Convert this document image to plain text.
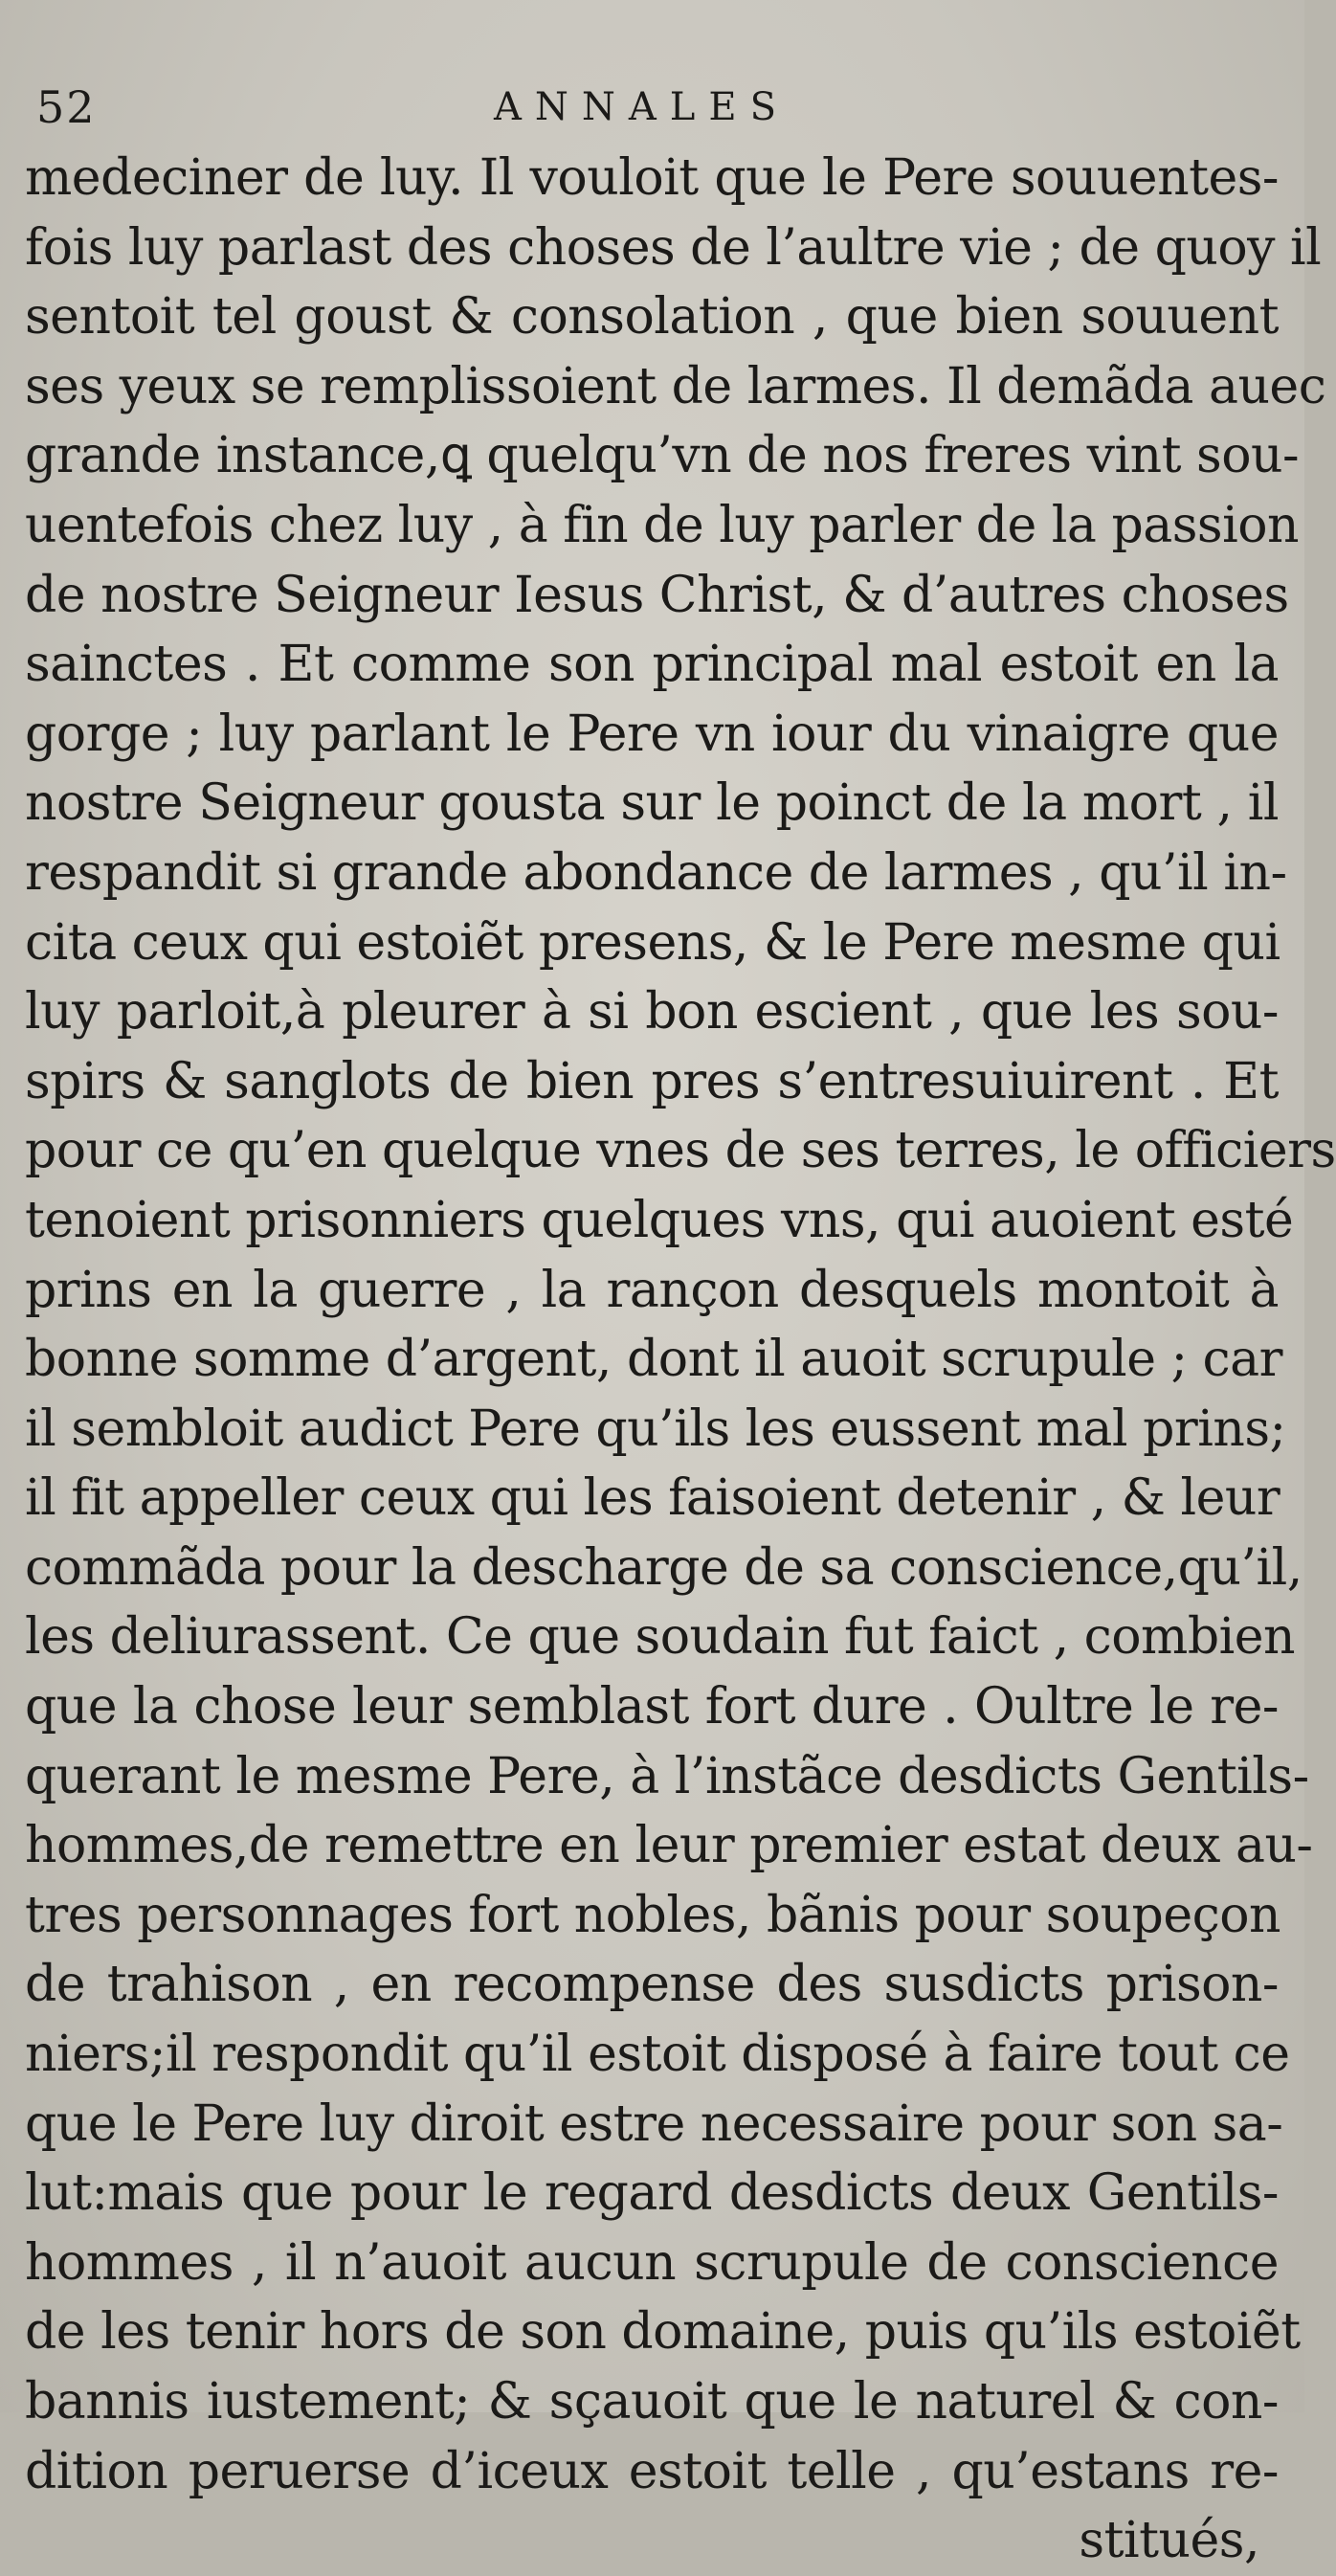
52	ANNALES
medeciner de luy. Il vouloit que le Pere souuentes-
fois luy parlast des choses de l’aultre vie ; de quoy il
sentoit tel goust & consolation , que bien souuent
ses yeux se remplissoient de larmes. Il demãda auec
grande instance,ꝗ quelqu’vn de nos freres vint sou-
uentefois chez luy , à fin de luy parler de la passion
de nostre Seigneur Iesus Christ, & d’autres choses
sainctes . Et comme son principal mal estoit en la
gorge ; luy parlant le Pere vn iour du vinaigre que
nostre Seigneur gousta sur le poinct de la mort , il
respandit si grande abondance de larmes , qu’il in-
cita ceux qui estoiẽt presens, & le Pere mesme qui
luy parloit,à pleurer à si bon escient , que les sou-
spirs & sanglots de bien pres s’entresuiuirent . Et
pour ce qu’en quelque vnes de ses terres, le officiers
tenoient prisonniers quelques vns, qui auoient esté
prins en la guerre , la rançon desquels montoit à
bonne somme d’argent, dont il auoit scrupule ; car
il sembloit audict Pere qu’ils les eussent mal prins;
il fit appeller ceux qui les faisoient detenir , & leur
commãda pour la descharge de sa conscience,qu’il,
les deliurassent. Ce que soudain fut faict , combien
que la chose leur semblast fort dure . Oultre le re-
querant le mesme Pere, à l’instãce desdicts Gentils-
hommes,de remettre en leur premier estat deux au-
tres personnages fort nobles, bãnis pour soupeçon
de trahison , en recompense des susdicts prison-
niers;il respondit qu’il estoit disposé à faire tout ce
que le Pere luy diroit estre necessaire pour son sa-
lut:mais que pour le regard desdicts deux Gentils-
hommes , il n’auoit aucun scrupule de conscience
de les tenir hors de son domaine, puis qu’ils estoiẽt
bannis iustement; & sçauoit que le naturel & con-
dition peruerse d’iceux estoit telle , qu’estans re-
stitués,
